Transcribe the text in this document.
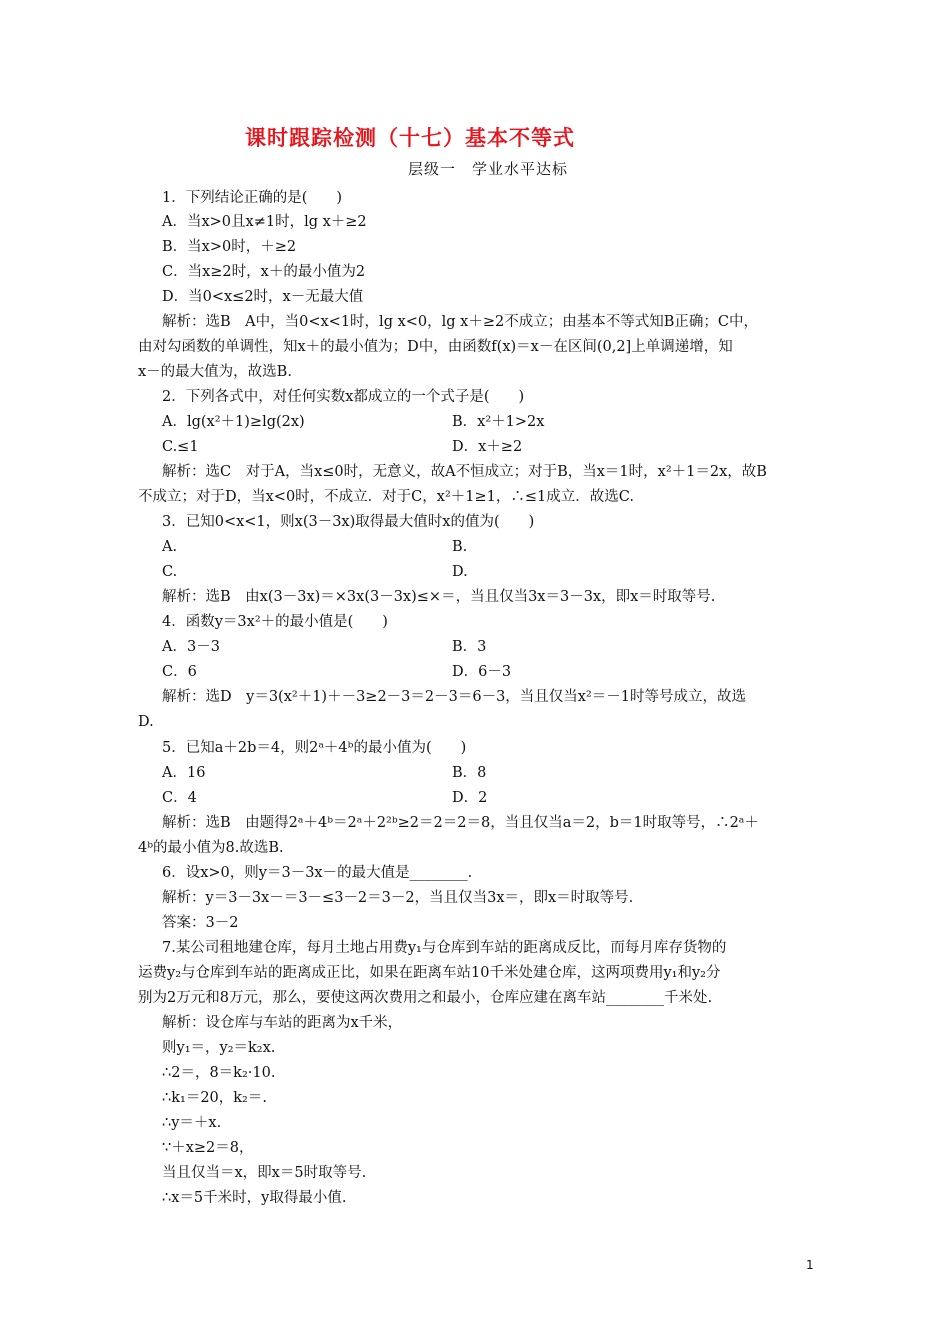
课时跟踪检测（十七）基本不等式
层级一　学业水平达标
1．下列结论正确的是(　　)
A．当x>0且x≠1时，lg x＋≥2
B．当x>0时，＋≥2
C．当x≥2时，x＋的最小值为2
D．当0<x≤2时，x－无最大值
解析：选B　A中，当0<x<1时，lg x<0，lg x＋≥2不成立；由基本不等式知B正确；C中，
由对勾函数的单调性，知x＋的最小值为；D中，由函数f(x)＝x－在区间(0,2]上单调递增，知
x－的最大值为，故选B.
2．下列各式中，对任何实数x都成立的一个式子是(　　)
A．lg(x²＋1)≥lg(2x)	B．x²＋1>2x
C.≤1	D．x＋≥2
解析：选C　对于A，当x≤0时，无意义，故A不恒成立；对于B，当x＝1时，x²＋1＝2x，故B
不成立；对于D，当x<0时，不成立．对于C，x²＋1≥1，∴≤1成立．故选C.
3．已知0<x<1，则x(3－3x)取得最大值时x的值为(　　)
A.	B.
C.	D.
解析：选B　由x(3－3x)＝×3x(3－3x)≤×＝，当且仅当3x＝3－3x，即x＝时取等号.
4．函数y＝3x²＋的最小值是(　　)
A．3－3	B．3
C．6	D．6－3
解析：选D　y＝3(x²＋1)＋－3≥2－3＝2－3＝6－3，当且仅当x²＝－1时等号成立，故选
D.
5．已知a＋2b＝4，则2ᵃ＋4ᵇ的最小值为(　　)
A．16	B．8
C．4	D．2
解析：选B　由题得2ᵃ＋4ᵇ＝2ᵃ＋2²ᵇ≥2＝2＝2＝8，当且仅当a＝2，b＝1时取等号，∴2ᵃ＋
4ᵇ的最小值为8.故选B.
6．设x>0，则y＝3－3x－的最大值是________.
解析：y＝3－3x－＝3－≤3－2＝3－2，当且仅当3x＝，即x＝时取等号.
答案：3－2
7.某公司租地建仓库，每月土地占用费y₁与仓库到车站的距离成反比，而每月库存货物的
运费y₂与仓库到车站的距离成正比，如果在距离车站10千米处建仓库，这两项费用y₁和y₂分
别为2万元和8万元，那么，要使这两次费用之和最小，仓库应建在离车站________千米处.
解析：设仓库与车站的距离为x千米，
则y₁＝，y₂＝k₂x.
∴2＝，8＝k₂·10.
∴k₁＝20，k₂＝.
∴y＝＋x.
∵＋x≥2＝8，
当且仅当＝x，即x＝5时取等号.
∴x＝5千米时，y取得最小值.
1
